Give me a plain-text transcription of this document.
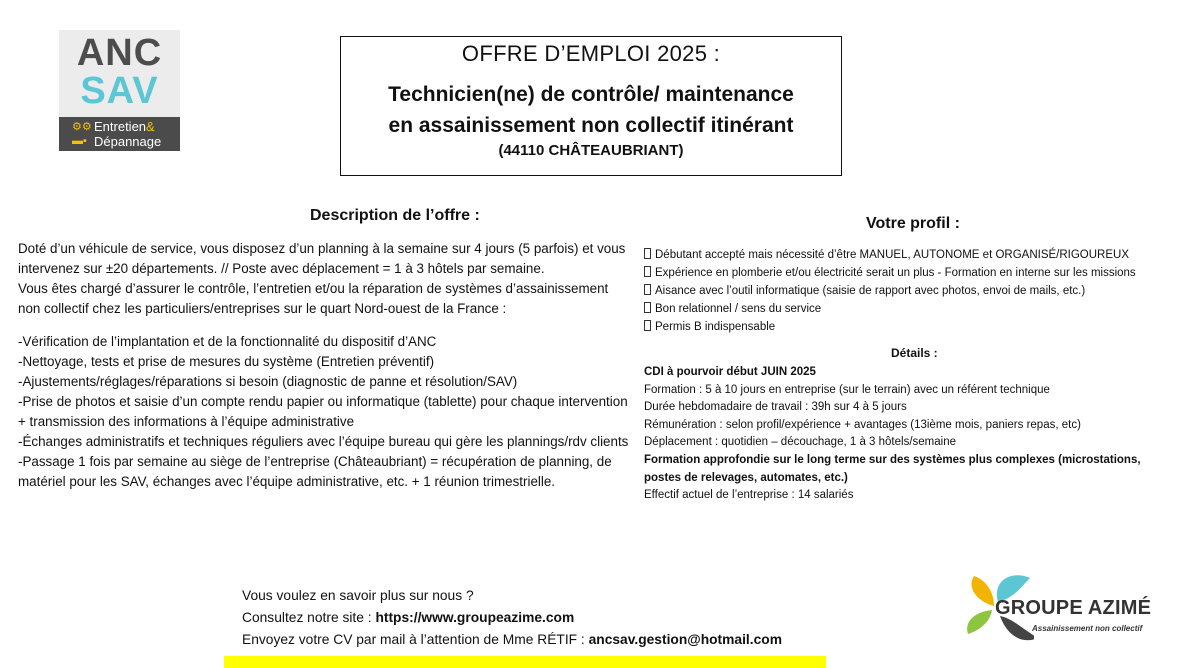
ANC
SAV
⚙⚙
▬▪
Entretien&
Dépannage
OFFRE D’EMPLOI 2025 :
Technicien(ne) de contrôle/ maintenance
en assainissement non collectif itinérant
(44110 CHÂTEAUBRIANT)
Description de l’offre :

Doté d’un véhicule de service, vous disposez d’un planning à la semaine sur 4 jours (5 parfois) et vous intervenez sur ±20 départements. // Poste avec déplacement = 1 à 3 hôtels par semaine.

Vous êtes chargé d’assurer le contrôle, l’entretien et/ou la réparation de systèmes d’assainissement non collectif chez les particuliers/entreprises sur le quart Nord-ouest de la France :

-Vérification de l’implantation et de la fonctionnalité du dispositif d’ANC

-Nettoyage, tests et prise de mesures du système (Entretien préventif)

-Ajustements/réglages/réparations si besoin (diagnostic de panne et résolution/SAV)

-Prise de photos et saisie d’un compte rendu papier ou informatique (tablette) pour chaque intervention + transmission des informations à l’équipe administrative

-Échanges administratifs et techniques réguliers avec l’équipe bureau qui gère les plannings/rdv clients

-Passage 1 fois par semaine au siège de l’entreprise (Châteaubriant) = récupération de planning, de matériel pour les SAV, échanges avec l’équipe administrative, etc. + 1 réunion trimestrielle.

Votre profil :
Débutant accepté mais nécessité d’être MANUEL, AUTONOME et ORGANISÉ/RIGOUREUX
Expérience en plomberie et/ou électricité serait un plus - Formation en interne sur les missions
Aisance avec l’outil informatique (saisie de rapport avec photos, envoi de mails, etc.)
Bon relationnel / sens du service
Permis B indispensable
Détails :
CDI à pourvoir début JUIN 2025
Formation : 5 à 10 jours en entreprise (sur le terrain) avec un référent technique
Durée hebdomadaire de travail : 39h sur 4 à 5 jours
Rémunération : selon profil/expérience + avantages (13ième mois, paniers repas, etc)
Déplacement : quotidien – découchage, 1 à 3 hôtels/semaine
Formation approfondie sur le long terme sur des systèmes plus complexes (microstations, postes de relevages, automates, etc.)
Effectif actuel de l’entreprise : 14 salariés
Vous voulez en savoir plus sur nous ?
Consultez notre site : https://www.groupeazime.com
Envoyez votre CV par mail à l’attention de Mme RÉTIF : ancsav.gestion@hotmail.com
GROUPE AZIMÉ
Assainissement non collectif
